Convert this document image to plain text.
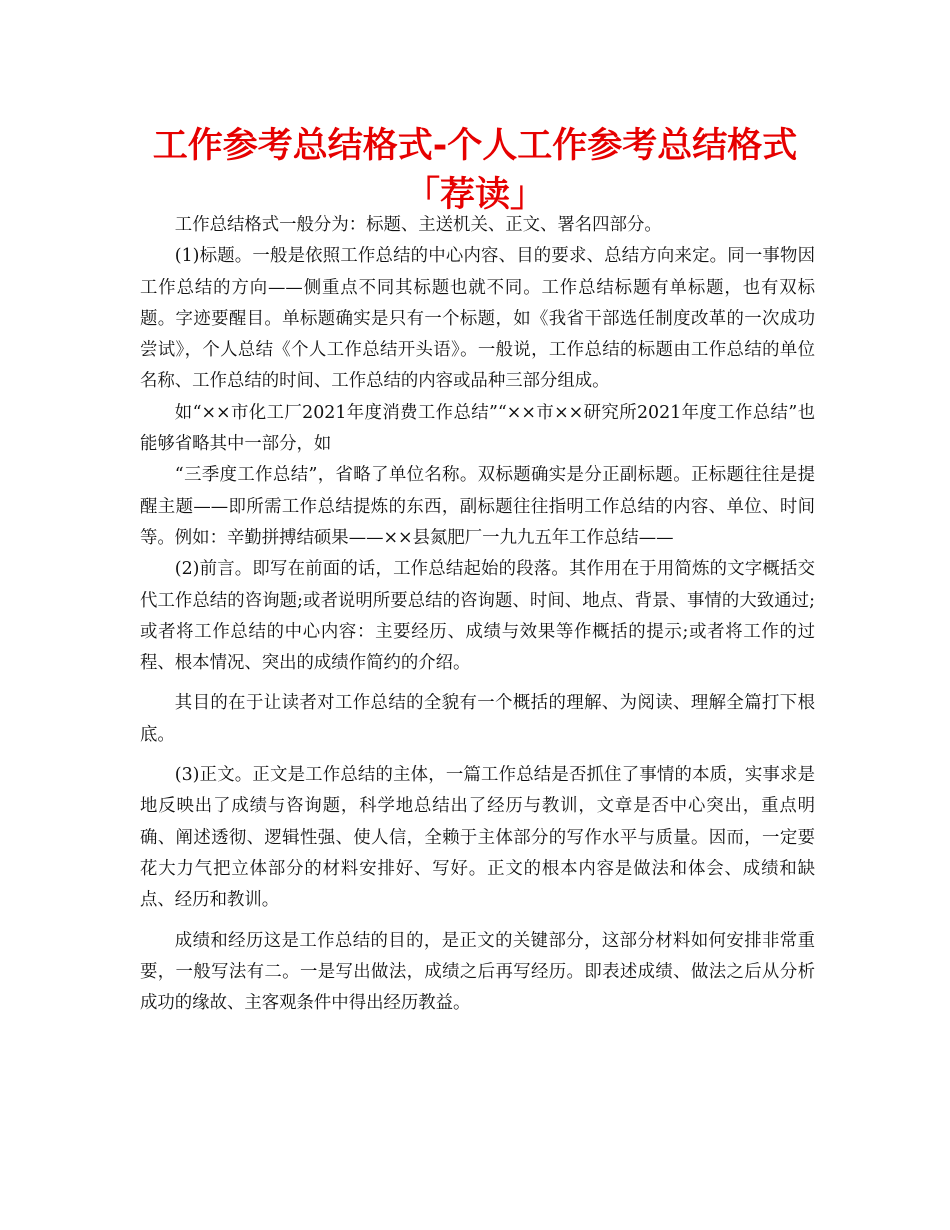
工作参考总结格式-个人工作参考总结格式「荐读」

工作总结格式一般分为：标题、主送机关、正文、署名四部分。

(1)标题。一般是依照工作总结的中心内容、目的要求、总结方向来定。同一事物因工作总结的方向——侧重点不同其标题也就不同。工作总结标题有单标题，也有双标题。字迹要醒目。单标题确实是只有一个标题，如《我省干部选任制度改革的一次成功尝试》，个人总结《个人工作总结开头语》。一般说，工作总结的标题由工作总结的单位名称、工作总结的时间、工作总结的内容或品种三部分组成。

如“××市化工厂2021年度消费工作总结”“××市××研究所2021年度工作总结”也能够省略其中一部分，如

“三季度工作总结”，省略了单位名称。双标题确实是分正副标题。正标题往往是提醒主题——即所需工作总结提炼的东西，副标题往往指明工作总结的内容、单位、时间等。例如：辛勤拼搏结硕果——××县氮肥厂一九九五年工作总结——

(2)前言。即写在前面的话，工作总结起始的段落。其作用在于用简炼的文字概括交代工作总结的咨询题;或者说明所要总结的咨询题、时间、地点、背景、事情的大致通过;或者将工作总结的中心内容：主要经历、成绩与效果等作概括的提示;或者将工作的过程、根本情况、突出的成绩作简约的介绍。

其目的在于让读者对工作总结的全貌有一个概括的理解、为阅读、理解全篇打下根底。

(3)正文。正文是工作总结的主体，一篇工作总结是否抓住了事情的本质，实事求是地反映出了成绩与咨询题，科学地总结出了经历与教训，文章是否中心突出，重点明确、阐述透彻、逻辑性强、使人信，全赖于主体部分的写作水平与质量。因而，一定要花大力气把立体部分的材料安排好、写好。正文的根本内容是做法和体会、成绩和缺点、经历和教训。

成绩和经历这是工作总结的目的，是正文的关键部分，这部分材料如何安排非常重要，一般写法有二。一是写出做法，成绩之后再写经历。即表述成绩、做法之后从分析成功的缘故、主客观条件中得出经历教益。
